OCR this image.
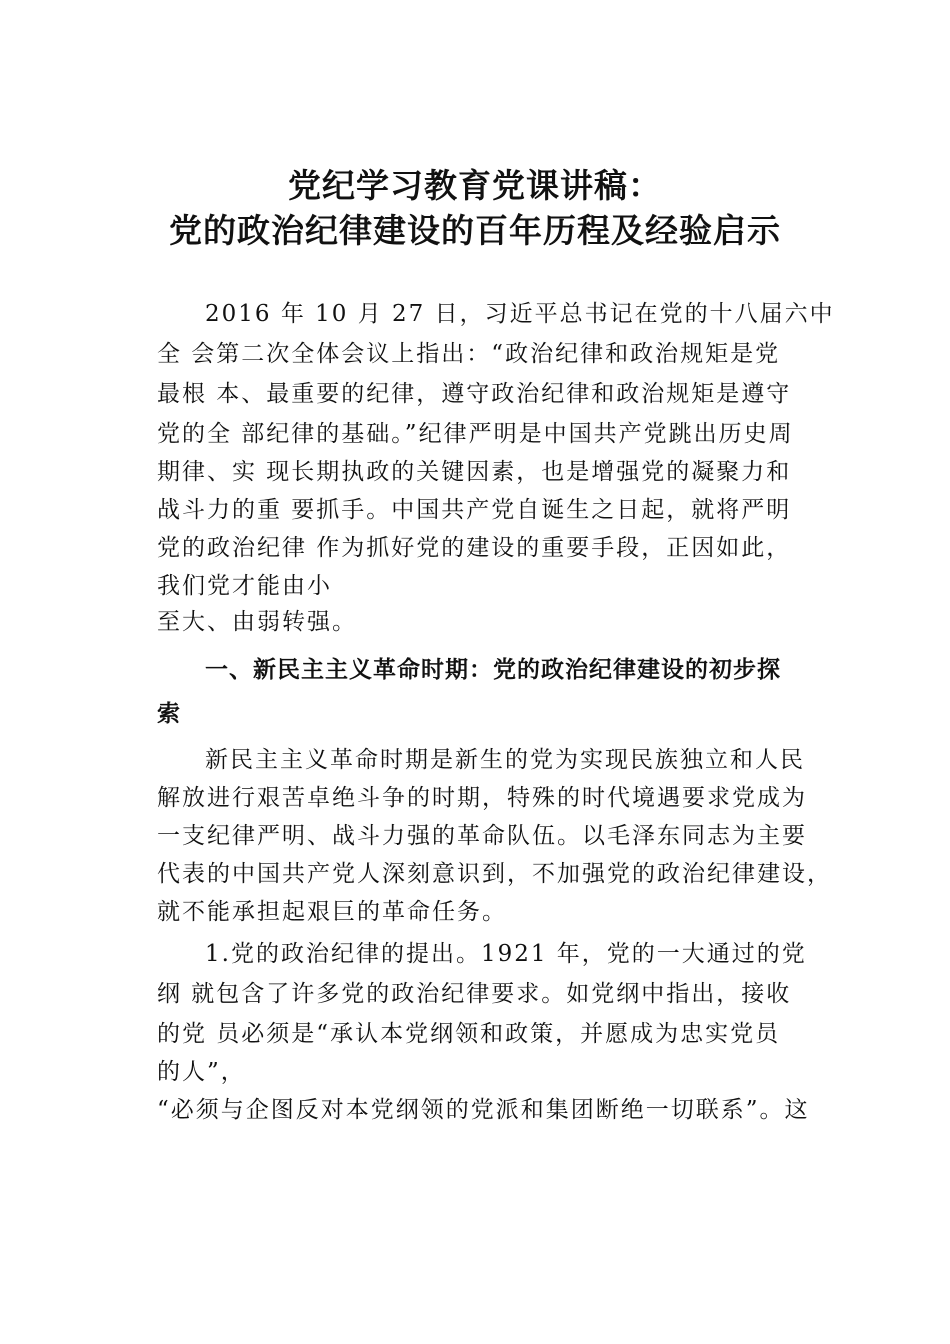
党纪学习教育党课讲稿：
党的政治纪律建设的百年历程及经验启示
2016 年 10 月 27 日，习近平总书记在党的十八届六中
全 会第二次全体会议上指出：“政治纪律和政治规矩是党
最根 本、最重要的纪律，遵守政治纪律和政治规矩是遵守
党的全 部纪律的基础。”纪律严明是中国共产党跳出历史周
期律、实 现长期执政的关键因素，也是增强党的凝聚力和
战斗力的重 要抓手。中国共产党自诞生之日起，就将严明
党的政治纪律 作为抓好党的建设的重要手段，正因如此，
我们党才能由小
至大、由弱转强。
一、新民主主义革命时期：党的政治纪律建设的初步探
索
新民主主义革命时期是新生的党为实现民族独立和人民
解放进行艰苦卓绝斗争的时期，特殊的时代境遇要求党成为
一支纪律严明、战斗力强的革命队伍。以毛泽东同志为主要
代表的中国共产党人深刻意识到，不加强党的政治纪律建设，
就不能承担起艰巨的革命任务。
1.党的政治纪律的提出。1921 年，党的一大通过的党
纲 就包含了许多党的政治纪律要求。如党纲中指出，接收
的党 员必须是“承认本党纲领和政策，并愿成为忠实党员
的人”，
“必须与企图反对本党纲领的党派和集团断绝一切联系”。这
